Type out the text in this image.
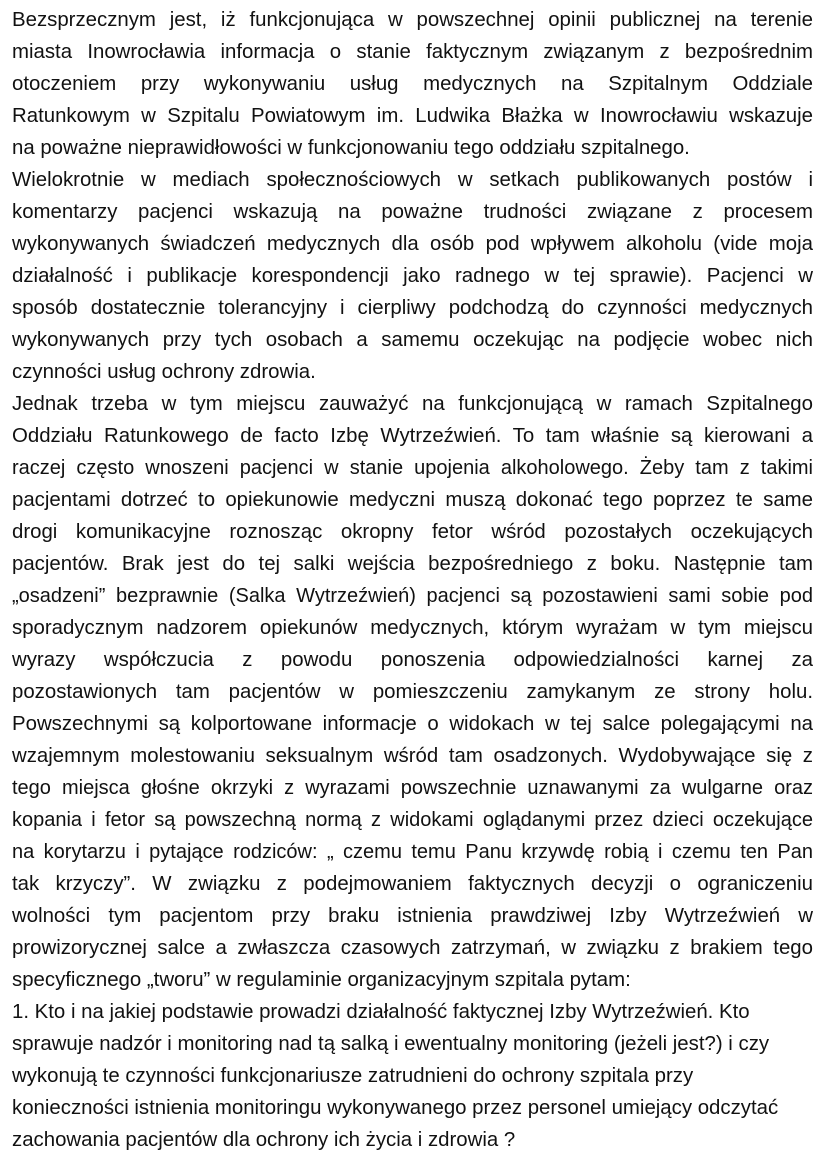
Bezsprzecznym jest, iż funkcjonująca w powszechnej opinii publicznej na terenie
miasta Inowrocławia informacja o stanie faktycznym związanym z bezpośrednim
otoczeniem przy wykonywaniu usług medycznych na Szpitalnym Oddziale
Ratunkowym w Szpitalu Powiatowym im. Ludwika Błażka w Inowrocławiu wskazuje
na poważne nieprawidłowości w funkcjonowaniu tego oddziału szpitalnego.
Wielokrotnie w mediach społecznościowych w setkach publikowanych postów i
komentarzy pacjenci wskazują na poważne trudności związane z procesem
wykonywanych świadczeń medycznych dla osób pod wpływem alkoholu (vide moja
działalność i publikacje korespondencji jako radnego w tej sprawie). Pacjenci w
sposób dostatecznie tolerancyjny i cierpliwy podchodzą do czynności medycznych
wykonywanych przy tych osobach a samemu oczekując na podjęcie wobec nich
czynności usług ochrony zdrowia.
Jednak trzeba w tym miejscu zauważyć na funkcjonującą w ramach Szpitalnego
Oddziału Ratunkowego de facto Izbę Wytrzeźwień. To tam właśnie są kierowani a
raczej często wnoszeni pacjenci w stanie upojenia alkoholowego. Żeby tam z takimi
pacjentami dotrzeć to opiekunowie medyczni muszą dokonać tego poprzez te same
drogi komunikacyjne roznosząc okropny fetor wśród pozostałych oczekujących
pacjentów. Brak jest do tej salki wejścia bezpośredniego z boku. Następnie tam
„osadzeni” bezprawnie (Salka Wytrzeźwień) pacjenci są pozostawieni sami sobie pod
sporadycznym nadzorem opiekunów medycznych, którym wyrażam w tym miejscu
wyrazy współczucia z powodu ponoszenia odpowiedzialności karnej za
pozostawionych tam pacjentów w pomieszczeniu zamykanym ze strony holu.
Powszechnymi są kolportowane informacje o widokach w tej salce polegającymi na
wzajemnym molestowaniu seksualnym wśród tam osadzonych. Wydobywające się z
tego miejsca głośne okrzyki z wyrazami powszechnie uznawanymi za wulgarne oraz
kopania i fetor są powszechną normą z widokami oglądanymi przez dzieci oczekujące
na korytarzu i pytające rodziców: „ czemu temu Panu krzywdę robią i czemu ten Pan
tak krzyczy”. W związku z podejmowaniem faktycznych decyzji o ograniczeniu
wolności tym pacjentom przy braku istnienia prawdziwej Izby Wytrzeźwień w
prowizorycznej salce a zwłaszcza czasowych zatrzymań, w związku z brakiem tego
specyficznego „tworu” w regulaminie organizacyjnym szpitala pytam:
1. Kto i na jakiej podstawie prowadzi działalność faktycznej Izby Wytrzeźwień. Kto
sprawuje nadzór i monitoring nad tą salką i ewentualny monitoring (jeżeli jest?) i czy
wykonują te czynności funkcjonariusze zatrudnieni do ochrony szpitala przy
konieczności istnienia monitoringu wykonywanego przez personel umiejący odczytać
zachowania pacjentów dla ochrony ich życia i zdrowia ?
